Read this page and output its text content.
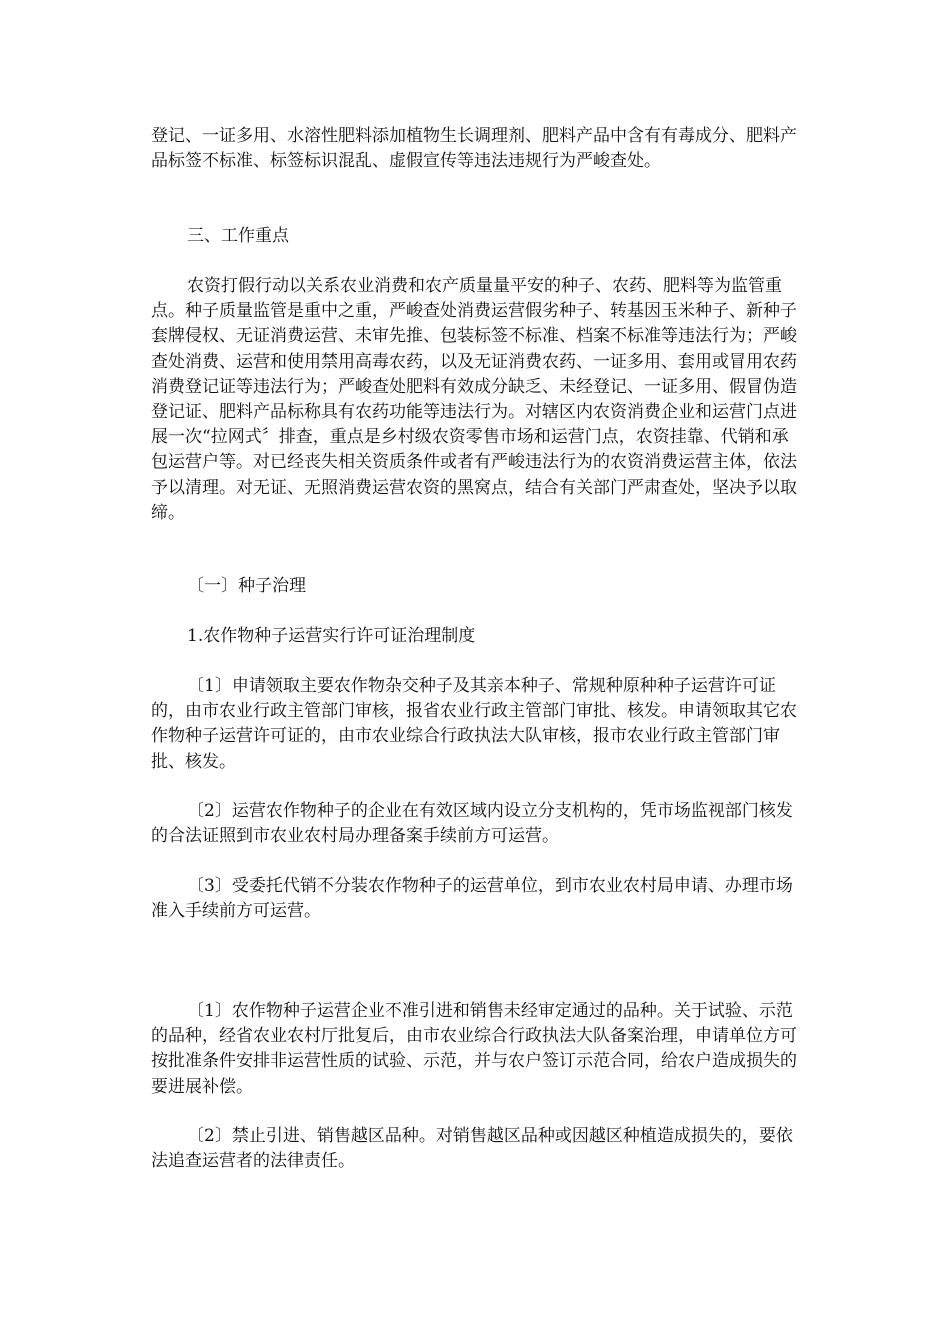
登记、一证多用、水溶性肥料添加植物生长调理剂、肥料产品中含有有毒成分、肥料产品标签不标准、标签标识混乱、虚假宣传等违法违规行为严峻查处。

三、工作重点

农资打假行动以关系农业消费和农产质量量平安的种子、农药、肥料等为监管重点。种子质量监管是重中之重，严峻查处消费运营假劣种子、转基因玉米种子、新种子套牌侵权、无证消费运营、未审先推、包装标签不标准、档案不标准等违法行为；严峻查处消费、运营和使用禁用高毒农药，以及无证消费农药、一证多用、套用或冒用农药消费登记证等违法行为；严峻查处肥料有效成分缺乏、未经登记、一证多用、假冒伪造登记证、肥料产品标称具有农药功能等违法行为。对辖区内农资消费企业和运营门点进展一次“拉网式〞排查，重点是乡村级农资零售市场和运营门点，农资挂靠、代销和承包运营户等。对已经丧失相关资质条件或者有严峻违法行为的农资消费运营主体，依法予以清理。对无证、无照消费运营农资的黑窝点，结合有关部门严肃查处，坚决予以取缔。

〔一〕种子治理

1.农作物种子运营实行许可证治理制度

〔1〕申请领取主要农作物杂交种子及其亲本种子、常规种原种种子运营许可证的，由市农业行政主管部门审核，报省农业行政主管部门审批、核发。申请领取其它农作物种子运营许可证的，由市农业综合行政执法大队审核，报市农业行政主管部门审批、核发。

〔2〕运营农作物种子的企业在有效区域内设立分支机构的，凭市场监视部门核发的合法证照到市农业农村局办理备案手续前方可运营。

〔3〕受委托代销不分装农作物种子的运营单位，到市农业农村局申请、办理市场准入手续前方可运营。

〔1〕农作物种子运营企业不准引进和销售未经审定通过的品种。关于试验、示范的品种，经省农业农村厅批复后，由市农业综合行政执法大队备案治理，申请单位方可按批准条件安排非运营性质的试验、示范，并与农户签订示范合同，给农户造成损失的要进展补偿。

〔2〕禁止引进、销售越区品种。对销售越区品种或因越区种植造成损失的，要依法追查运营者的法律责任。
